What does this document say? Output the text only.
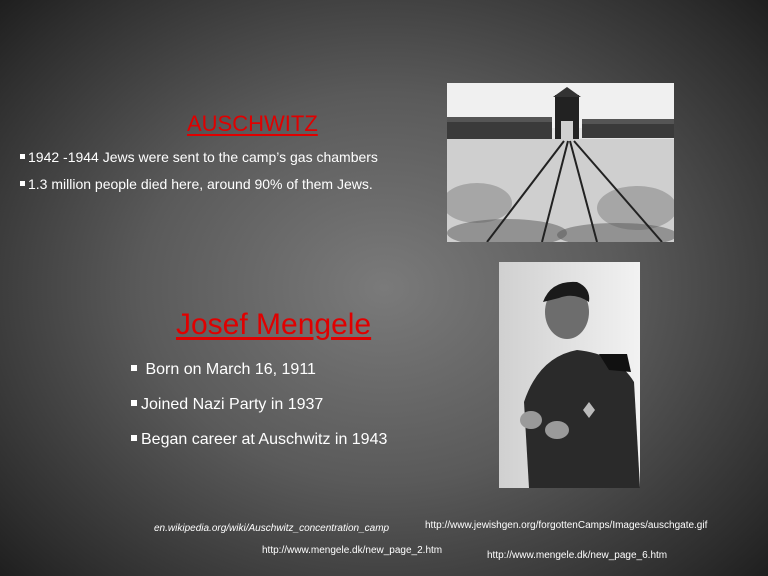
AUSCHWITZ
1942 -1944 Jews were sent to the camp’s gas chambers
1.3 million people died here, around 90% of them Jews.
Josef Mengele
Born on March 16, 1911
Joined Nazi Party in 1937
Began career at Auschwitz in 1943
en.wikipedia.org/wiki/Auschwitz_concentration_camp	http://www.jewishgen.org/forgottenCamps/Images/auschgate.gif
http://www.mengele.dk/new_page_2.htm	http://www.mengele.dk/new_page_6.htm
